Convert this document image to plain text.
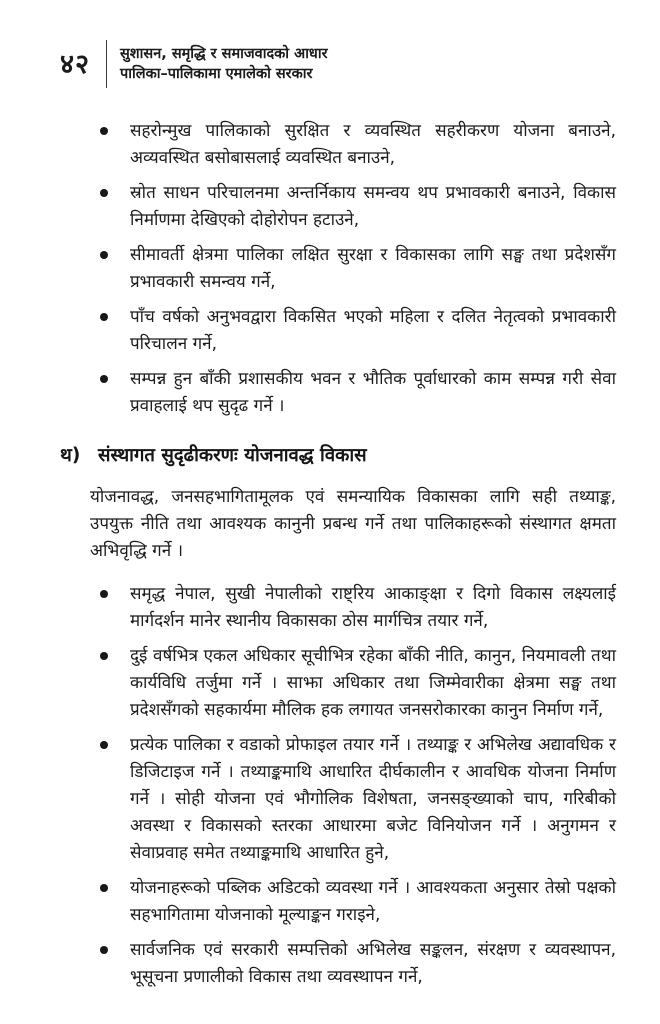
४२ सुशासन, समृद्धि र समाजवादको आधार
पालिका–पालिकामा एमालेको सरकार
सहरोन्मुख पालिकाको सुरक्षित र व्यवस्थित सहरीकरण योजना बनाउने, अव्यवस्थित बसोबासलाई व्यवस्थित बनाउने,
स्रोत साधन परिचालनमा अन्तर्निकाय समन्वय थप प्रभावकारी बनाउने, विकास निर्माणमा देखिएको दोहोरोपन हटाउने,
सीमावर्ती क्षेत्रमा पालिका लक्षित सुरक्षा र विकासका लागि सङ्घ तथा प्रदेशसँग प्रभावकारी समन्वय गर्ने,
पाँच वर्षको अनुभवद्वारा विकसित भएको महिला र दलित नेतृत्वको प्रभावकारी परिचालन गर्ने,
सम्पन्न हुन बाँकी प्रशासकीय भवन र भौतिक पूर्वाधारको काम सम्पन्न गरी सेवा प्रवाहलाई थप सुदृढ गर्ने ।
थ) संस्थागत सुदृढीकरणः योजनावद्ध विकास

योजनावद्ध, जनसहभागितामूलक एवं समन्यायिक विकासका लागि सही तथ्याङ्क, उपयुक्त नीति तथा आवश्यक कानुनी प्रबन्ध गर्ने तथा पालिकाहरूको संस्थागत क्षमता अभिवृद्धि गर्ने ।

समृद्ध नेपाल, सुखी नेपालीको राष्ट्रिय आकाङ्क्षा र दिगो विकास लक्ष्यलाई मार्गदर्शन मानेर स्थानीय विकासका ठोस मार्गचित्र तयार गर्ने,
दुई वर्षभित्र एकल अधिकार सूचीभित्र रहेका बाँकी नीति, कानुन, नियमावली तथा कार्यविधि तर्जुमा गर्ने । साझा अधिकार तथा जिम्मेवारीका क्षेत्रमा सङ्घ तथा प्रदेशसँगको सहकार्यमा मौलिक हक लगायत जनसरोकारका कानुन निर्माण गर्ने,
प्रत्येक पालिका र वडाको प्रोफाइल तयार गर्ने । तथ्याङ्क र अभिलेख अद्यावधिक र डिजिटाइज गर्ने । तथ्याङ्कमाथि आधारित दीर्घकालीन र आवधिक योजना निर्माण गर्ने । सोही योजना एवं भौगोलिक विशेषता, जनसङ्ख्याको चाप, गरिबीको अवस्था र विकासको स्तरका आधारमा बजेट विनियोजन गर्ने । अनुगमन र सेवाप्रवाह समेत तथ्याङ्कमाथि आधारित हुने,
योजनाहरूको पब्लिक अडिटको व्यवस्था गर्ने । आवश्यकता अनुसार तेस्रो पक्षको सहभागितामा योजनाको मूल्याङ्कन गराइने,
सार्वजनिक एवं सरकारी सम्पत्तिको अभिलेख सङ्कलन, संरक्षण र व्यवस्थापन, भूसूचना प्रणालीको विकास तथा व्यवस्थापन गर्ने,
